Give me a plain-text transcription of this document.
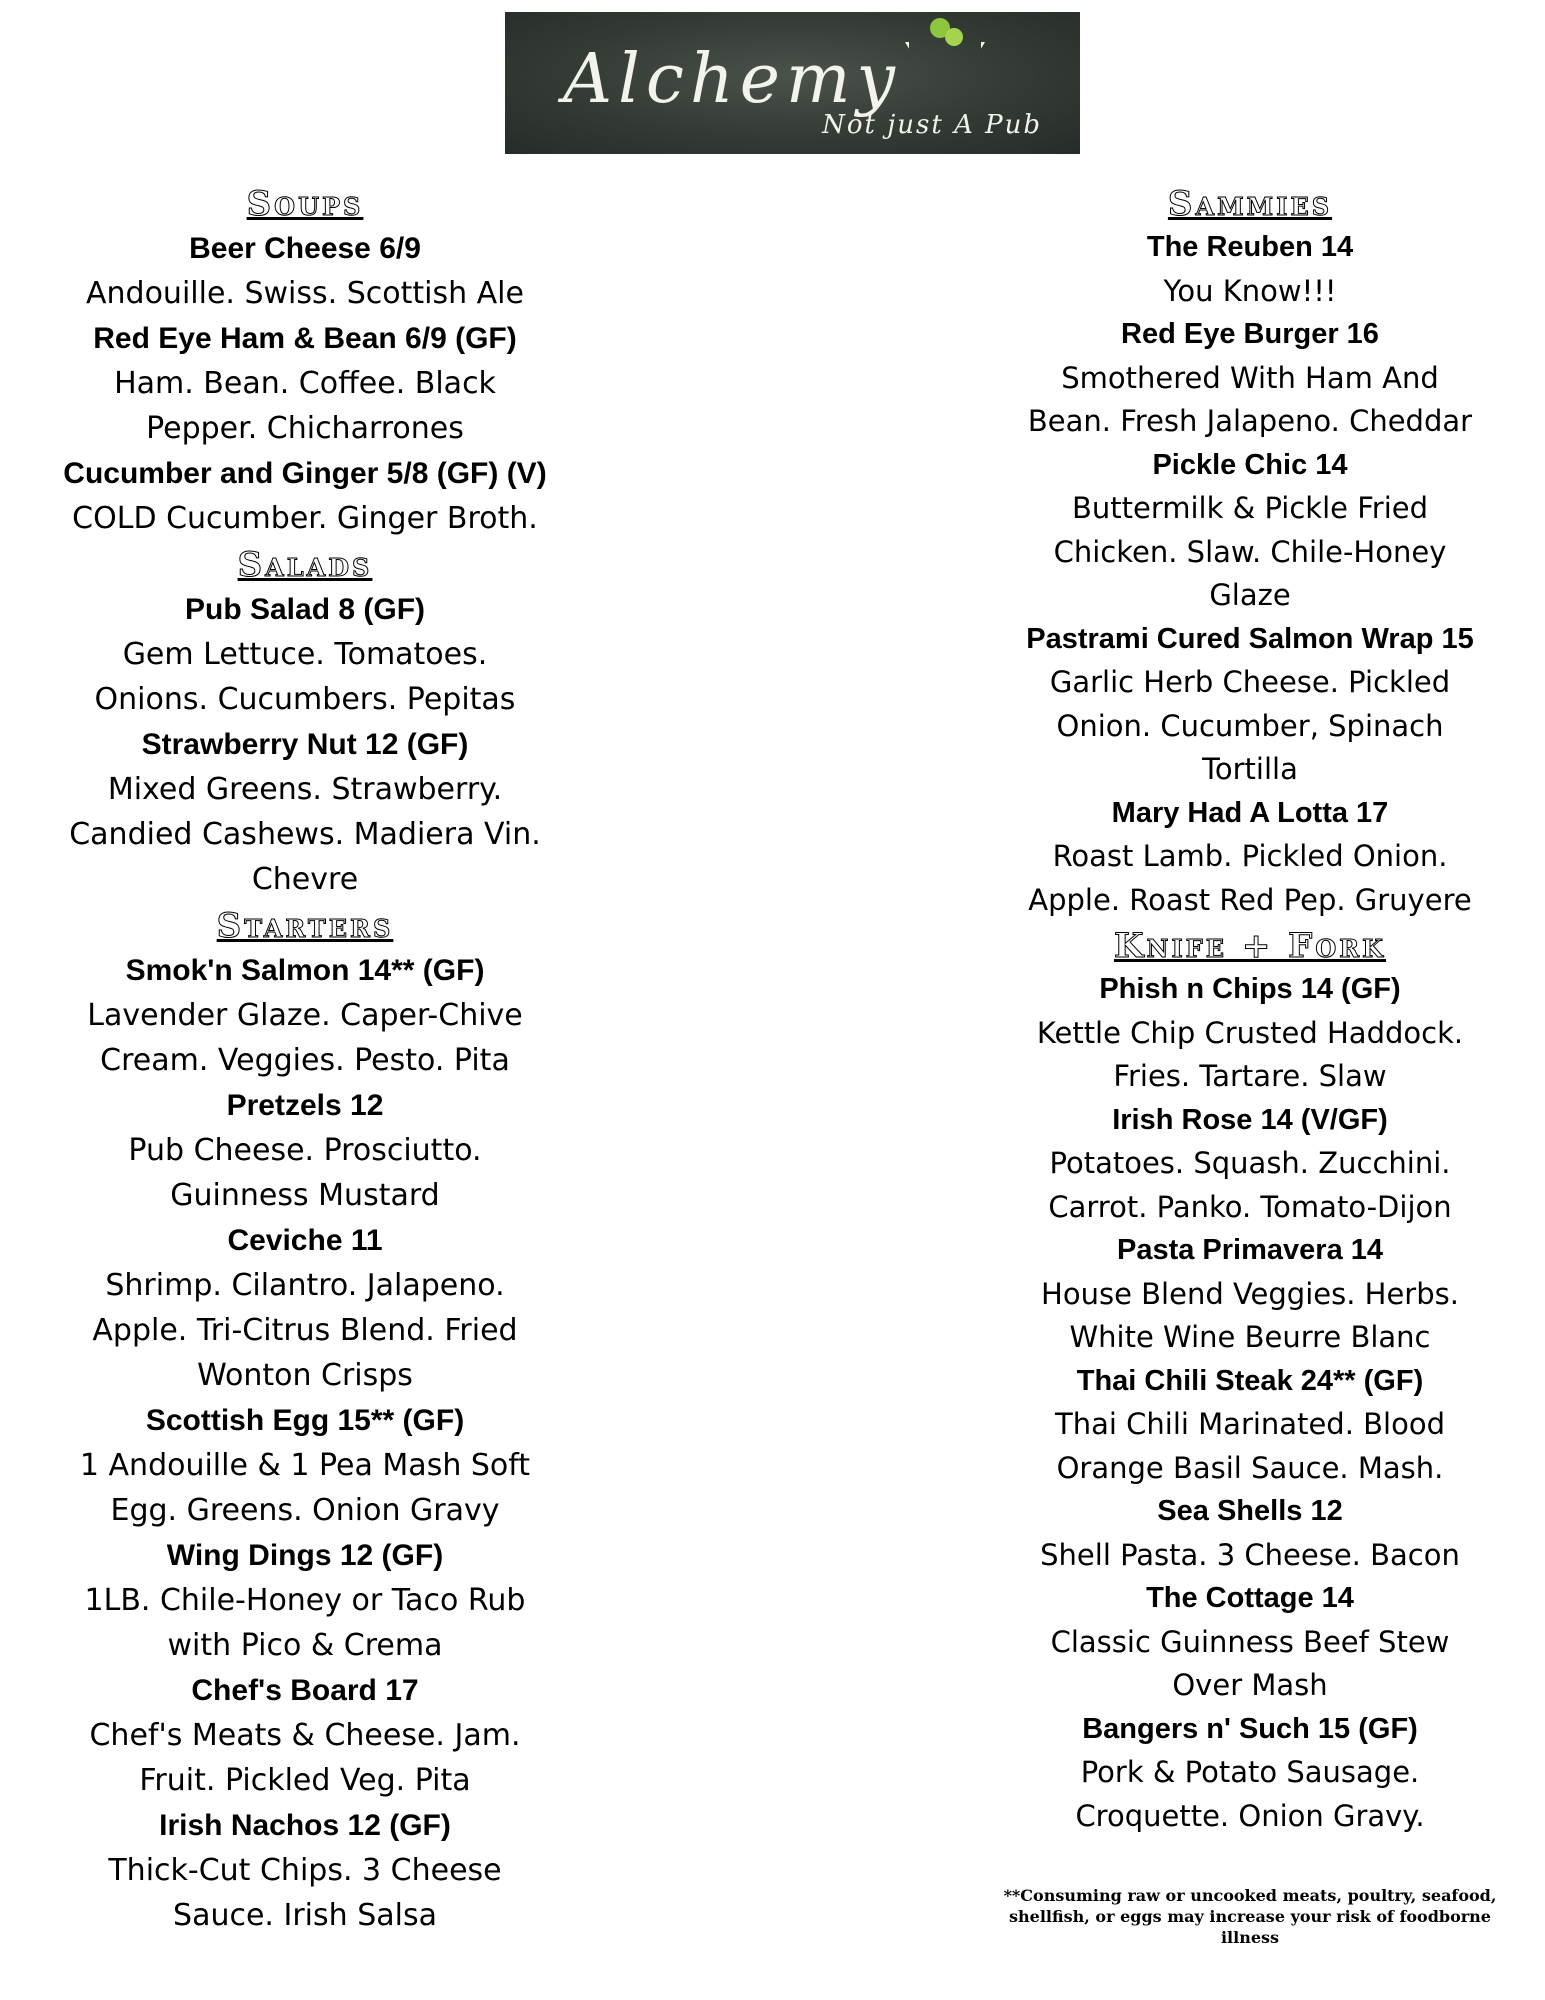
Alchemy
Not just A Pub
Soups
Beer Cheese 6/9
Andouille. Swiss. Scottish Ale
Red Eye Ham & Bean 6/9 (GF)
Ham. Bean. Coffee. Black
Pepper. Chicharrones
Cucumber and Ginger 5/8 (GF) (V)
COLD Cucumber. Ginger Broth.
Salads
Pub Salad 8 (GF)
Gem Lettuce. Tomatoes.
Onions. Cucumbers. Pepitas
Strawberry Nut 12 (GF)
Mixed Greens. Strawberry.
Candied Cashews. Madiera Vin.
Chevre
Starters
Smok'n Salmon 14** (GF)
Lavender Glaze. Caper-Chive
Cream. Veggies. Pesto. Pita
Pretzels 12
Pub Cheese. Prosciutto.
Guinness Mustard
Ceviche 11
Shrimp. Cilantro. Jalapeno.
Apple. Tri-Citrus Blend. Fried
Wonton Crisps
Scottish Egg 15** (GF)
1 Andouille & 1 Pea Mash Soft
Egg. Greens. Onion Gravy
Wing Dings 12 (GF)
1LB. Chile-Honey or Taco Rub
with Pico & Crema
Chef's Board 17
Chef's Meats & Cheese. Jam.
Fruit. Pickled Veg. Pita
Irish Nachos 12 (GF)
Thick-Cut Chips. 3 Cheese
Sauce. Irish Salsa
Sammies
The Reuben 14
You Know!!!
Red Eye Burger 16
Smothered With Ham And
Bean. Fresh Jalapeno. Cheddar
Pickle Chic 14
Buttermilk & Pickle Fried
Chicken. Slaw. Chile-Honey
Glaze
Pastrami Cured Salmon Wrap 15
Garlic Herb Cheese. Pickled
Onion. Cucumber, Spinach
Tortilla
Mary Had A Lotta 17
Roast Lamb. Pickled Onion.
Apple. Roast Red Pep. Gruyere
Knife + Fork
Phish n Chips 14 (GF)
Kettle Chip Crusted Haddock.
Fries. Tartare. Slaw
Irish Rose 14 (V/GF)
Potatoes. Squash. Zucchini.
Carrot. Panko. Tomato-Dijon
Pasta Primavera 14
House Blend Veggies. Herbs.
White Wine Beurre Blanc
Thai Chili Steak 24** (GF)
Thai Chili Marinated. Blood
Orange Basil Sauce. Mash.
Sea Shells 12
Shell Pasta. 3 Cheese. Bacon
The Cottage 14
Classic Guinness Beef Stew
Over Mash
Bangers n' Such 15 (GF)
Pork & Potato Sausage.
Croquette. Onion Gravy.
**Consuming raw or uncooked meats, poultry, seafood, shellfish, or eggs may increase your risk of foodborne illness
